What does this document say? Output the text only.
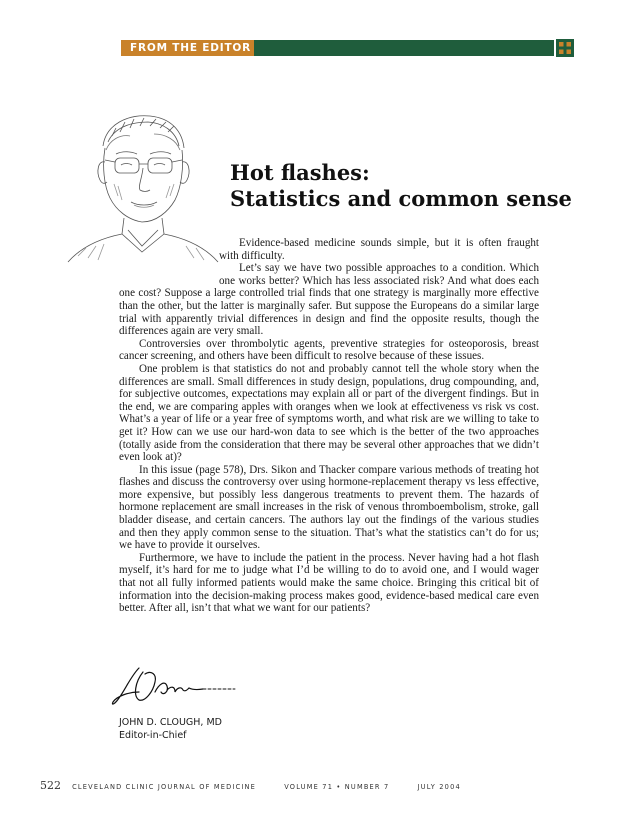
FROM THE EDITOR
Hot flashes:
Statistics and common sense

Evidence-based medicine sounds simple, but it is often fraught with difficulty.

Let’s say we have two possible approaches to a condition. Which one works better? Which has less associated risk? And what does each one cost? Suppose a large controlled trial finds that one strategy is marginally more effective than the other, but the latter is marginally safer. But suppose the Europeans do a similar large trial with apparently trivial differences in design and find the opposite results, though the differences again are very small.

Controversies over thrombolytic agents, preventive strategies for osteoporosis, breast cancer screening, and others have been difficult to resolve because of these issues.

One problem is that statistics do not and probably cannot tell the whole story when the differences are small. Small differences in study design, populations, drug compounding, and, for subjective outcomes, expectations may explain all or part of the divergent findings. But in the end, we are comparing apples with oranges when we look at effectiveness vs risk vs cost. What’s a year of life or a year free of symptoms worth, and what risk are we willing to take to get it? How can we use our hard-won data to see which is the better of the two approaches (totally aside from the consideration that there may be several other approaches that we didn’t even look at)?

In this issue (page 578), Drs. Sikon and Thacker compare various methods of treating hot flashes and discuss the controversy over using hormone-replacement therapy vs less effective, more expensive, but possibly less dangerous treatments to prevent them. The hazards of hormone replacement are small increases in the risk of venous thromboembolism, stroke, gall bladder disease, and certain cancers. The authors lay out the findings of the various studies and then they apply common sense to the situation. That’s what the statistics can’t do for us; we have to provide it ourselves.

Furthermore, we have to include the patient in the process. Never having had a hot flash myself, it’s hard for me to judge what I’d be willing to do to avoid one, and I would wager that not all fully informed patients would make the same choice. Bringing this critical bit of information into the decision-making process makes good, evidence-based medical care even better. After all, isn’t that what we want for our patients?

JOHN D. CLOUGH, MD
Editor-in-Chief
522 CLEVELAND CLINIC JOURNAL OF MEDICINE	VOLUME 71 • NUMBER 7	JULY 2004
